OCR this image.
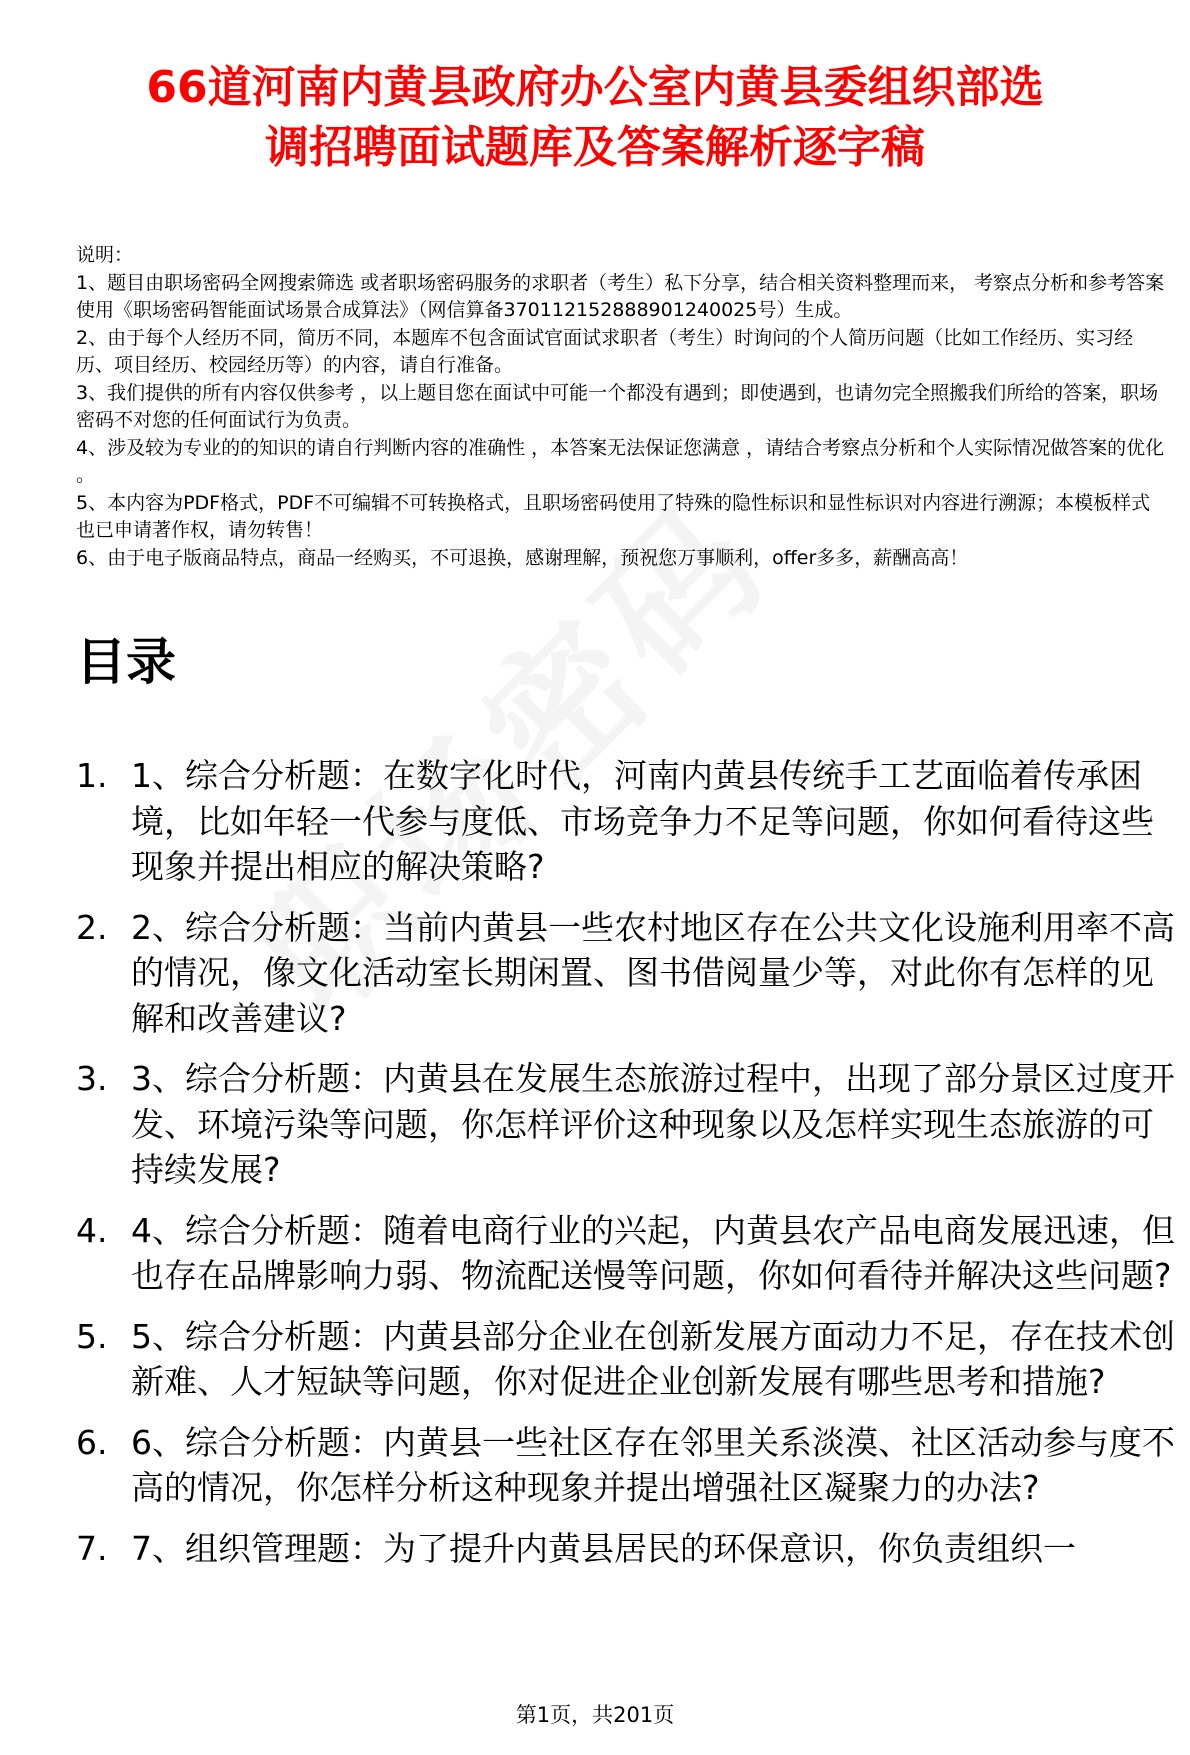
66道河南内黄县政府办公室内黄县委组织部选
调招聘面试题库及答案解析逐字稿

说明：

1、题目由职场密码全网搜索筛选 或者职场密码服务的求职者（考生）私下分享，结合相关资料整理而来， 考察点分析和参考答案使用《职场密码智能面试场景合成算法》（网信算备370112152888901240025号）生成。

2、由于每个人经历不同，简历不同，本题库不包含面试官面试求职者（考生）时询问的个人简历问题（比如工作经历、实习经历、项目经历、校园经历等）的内容，请自行准备。

3、我们提供的所有内容仅供参考 ，以上题目您在面试中可能一个都没有遇到；即使遇到，也请勿完全照搬我们所给的答案，职场密码不对您的任何面试行为负责。

4、涉及较为专业的的知识的请自行判断内容的准确性 ，本答案无法保证您满意 ，请结合考察点分析和个人实际情况做答案的优化 。

5、本内容为PDF格式，PDF不可编辑不可转换格式，且职场密码使用了特殊的隐性标识和显性标识对内容进行溯源；本模板样式也已申请著作权，请勿转售！

6、由于电子版商品特点，商品一经购买，不可退换，感谢理解，预祝您万事顺利，offer多多，薪酬高高！

目录
1. 1、综合分析题：在数字化时代，河南内黄县传统手工艺面临着传承困境，比如年轻一代参与度低、市场竞争力不足等问题，你如何看待这些现象并提出相应的解决策略?
2. 2、综合分析题：当前内黄县一些农村地区存在公共文化设施利用率不高的情况，像文化活动室长期闲置、图书借阅量少等，对此你有怎样的见解和改善建议?
3. 3、综合分析题：内黄县在发展生态旅游过程中，出现了部分景区过度开发、环境污染等问题，你怎样评价这种现象以及怎样实现生态旅游的可持续发展?
4. 4、综合分析题：随着电商行业的兴起，内黄县农产品电商发展迅速，但也存在品牌影响力弱、物流配送慢等问题，你如何看待并解决这些问题?
5. 5、综合分析题：内黄县部分企业在创新发展方面动力不足，存在技术创新难、人才短缺等问题，你对促进企业创新发展有哪些思考和措施?
6. 6、综合分析题：内黄县一些社区存在邻里关系淡漠、社区活动参与度不高的情况，你怎样分析这种现象并提出增强社区凝聚力的办法?
7. 7、组织管理题：为了提升内黄县居民的环保意识，你负责组织一
第1页，共201页
